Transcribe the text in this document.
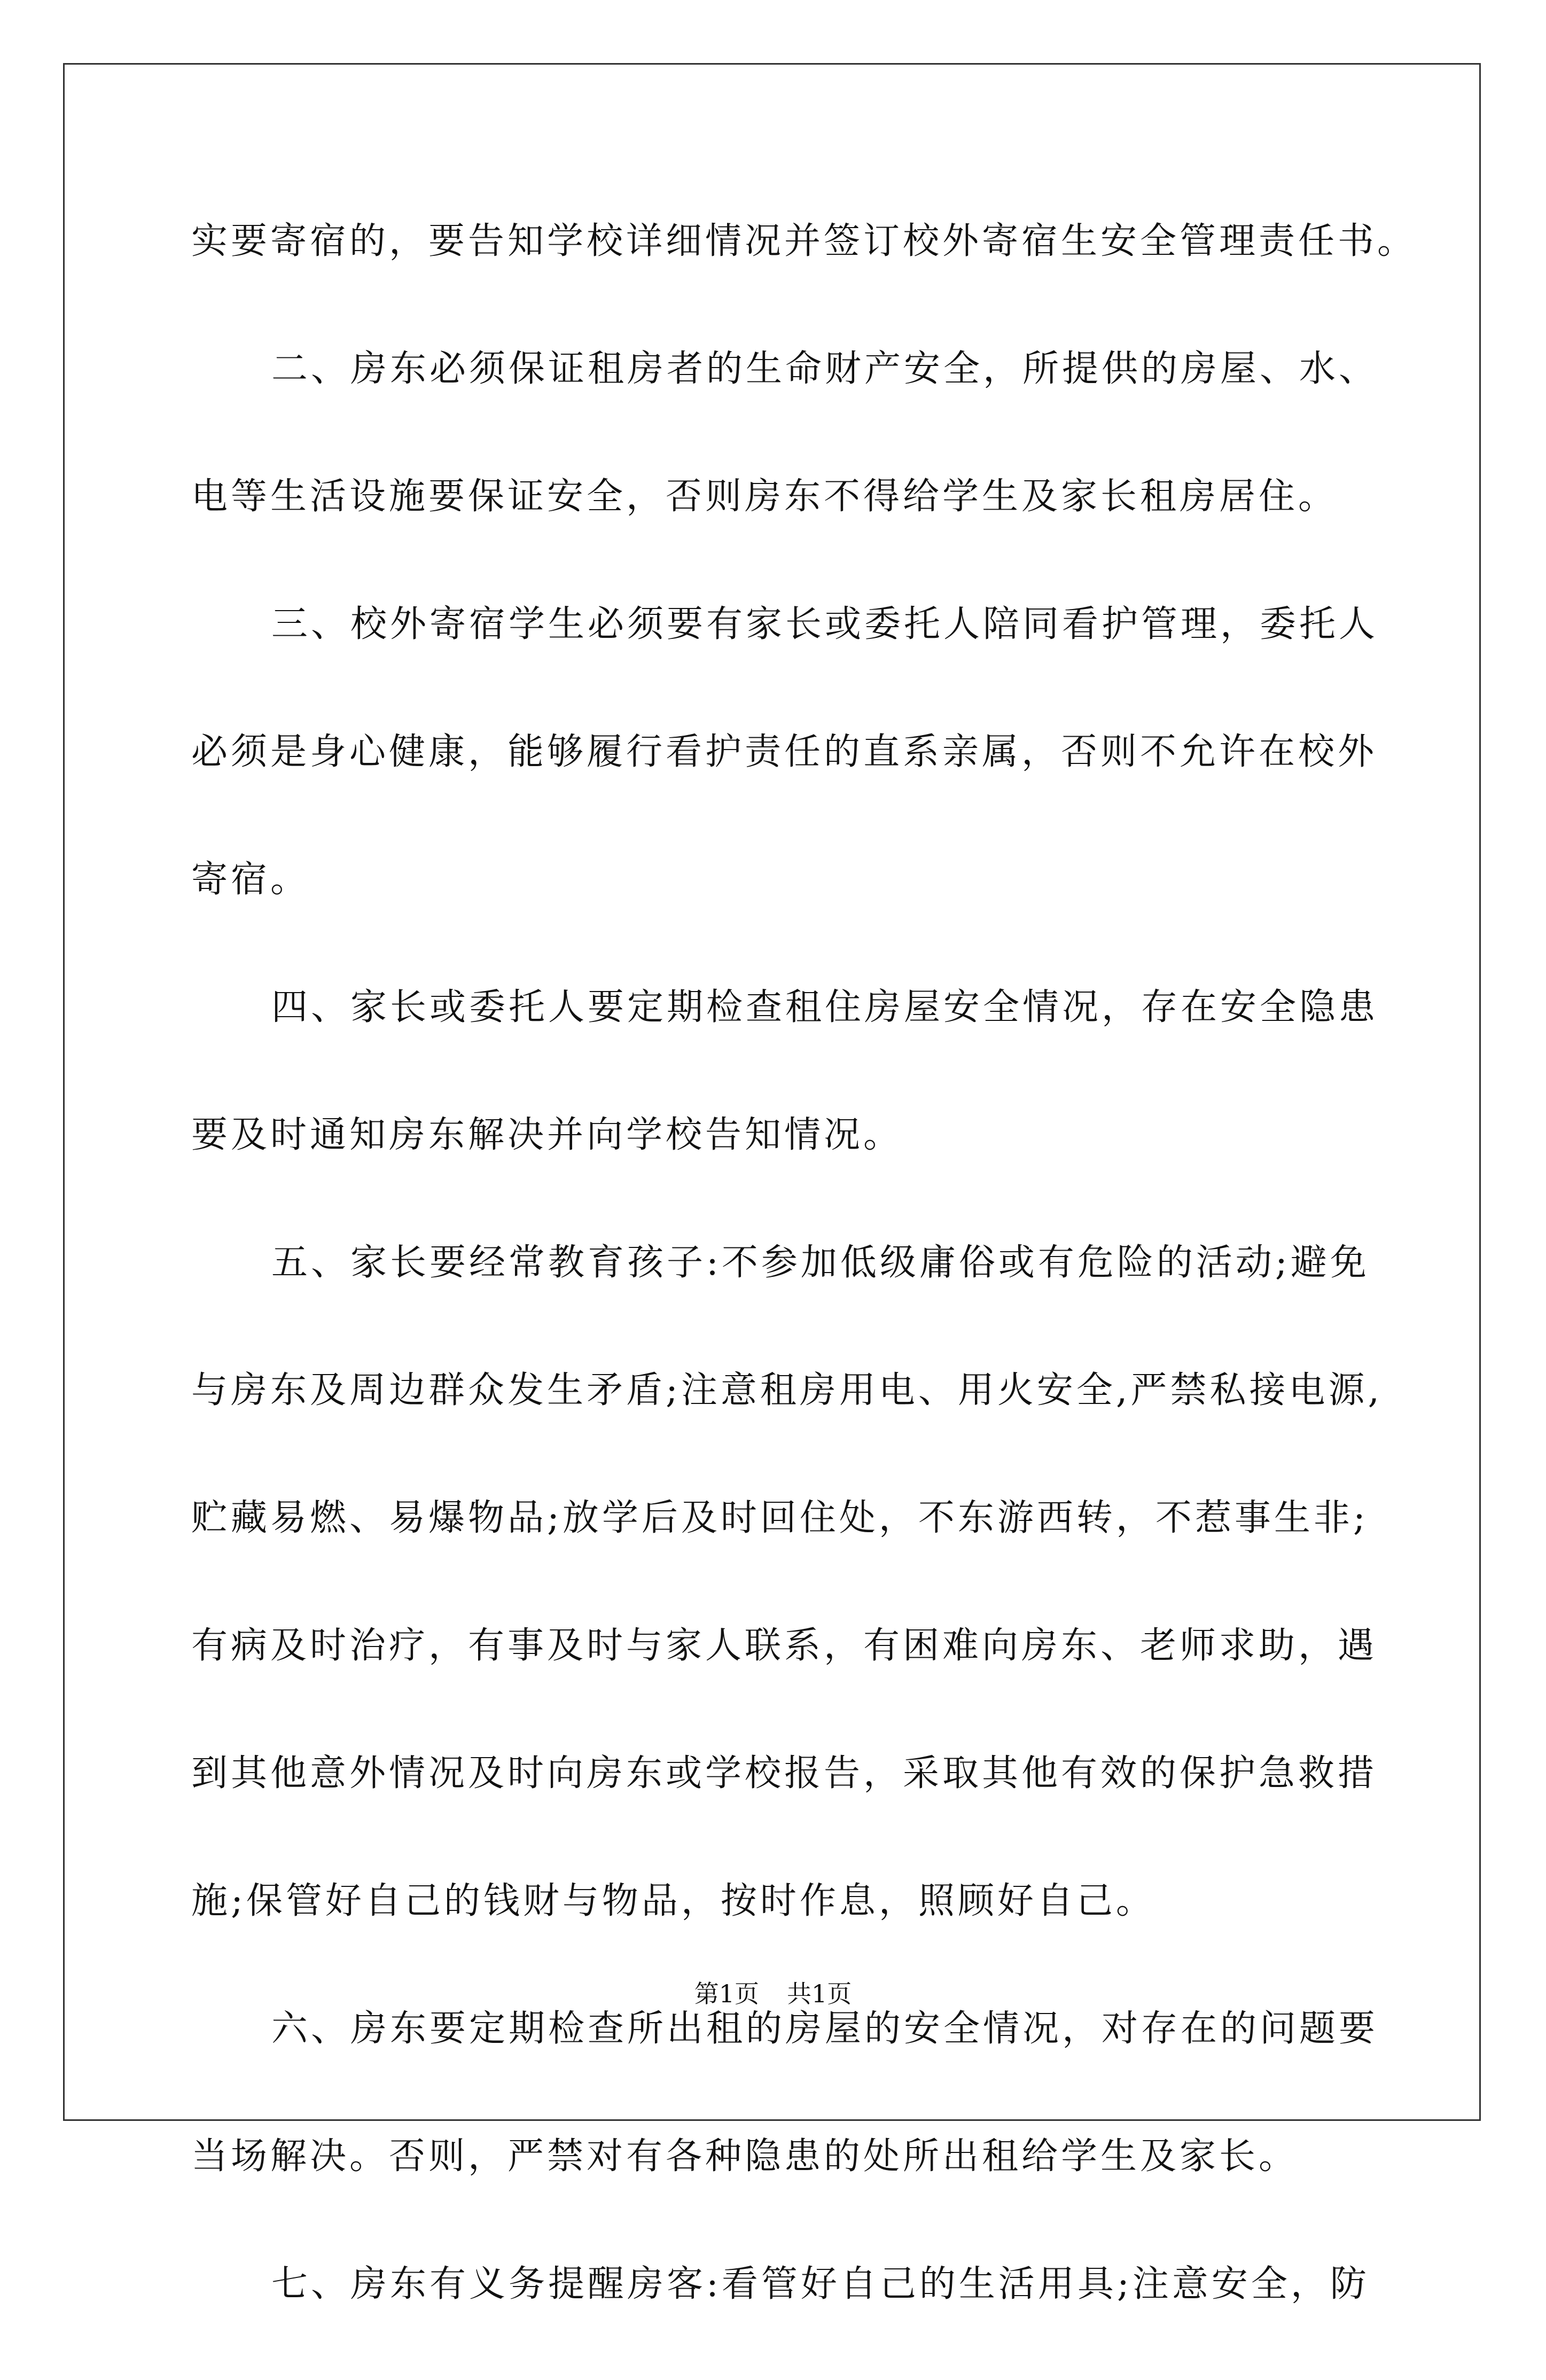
实要寄宿的，要告知学校详细情况并签订校外寄宿生安全管理责任书。
二、房东必须保证租房者的生命财产安全，所提供的房屋、水、
电等生活设施要保证安全，否则房东不得给学生及家长租房居住。
三、校外寄宿学生必须要有家长或委托人陪同看护管理，委托人
必须是身心健康，能够履行看护责任的直系亲属，否则不允许在校外
寄宿。
四、家长或委托人要定期检查租住房屋安全情况，存在安全隐患
要及时通知房东解决并向学校告知情况。
五、家长要经常教育孩子:不参加低级庸俗或有危险的活动;避免
与房东及周边群众发生矛盾;注意租房用电、用火安全,严禁私接电源,
贮藏易燃、易爆物品;放学后及时回住处，不东游西转，不惹事生非;
有病及时治疗，有事及时与家人联系，有困难向房东、老师求助，遇
到其他意外情况及时向房东或学校报告，采取其他有效的保护急救措
施;保管好自己的钱财与物品，按时作息，照顾好自己。
六、房东要定期检查所出租的房屋的安全情况，对存在的问题要
当场解决。否则，严禁对有各种隐患的处所出租给学生及家长。
七、房东有义务提醒房客:看管好自己的生活用具;注意安全，防
第1页 共1页
